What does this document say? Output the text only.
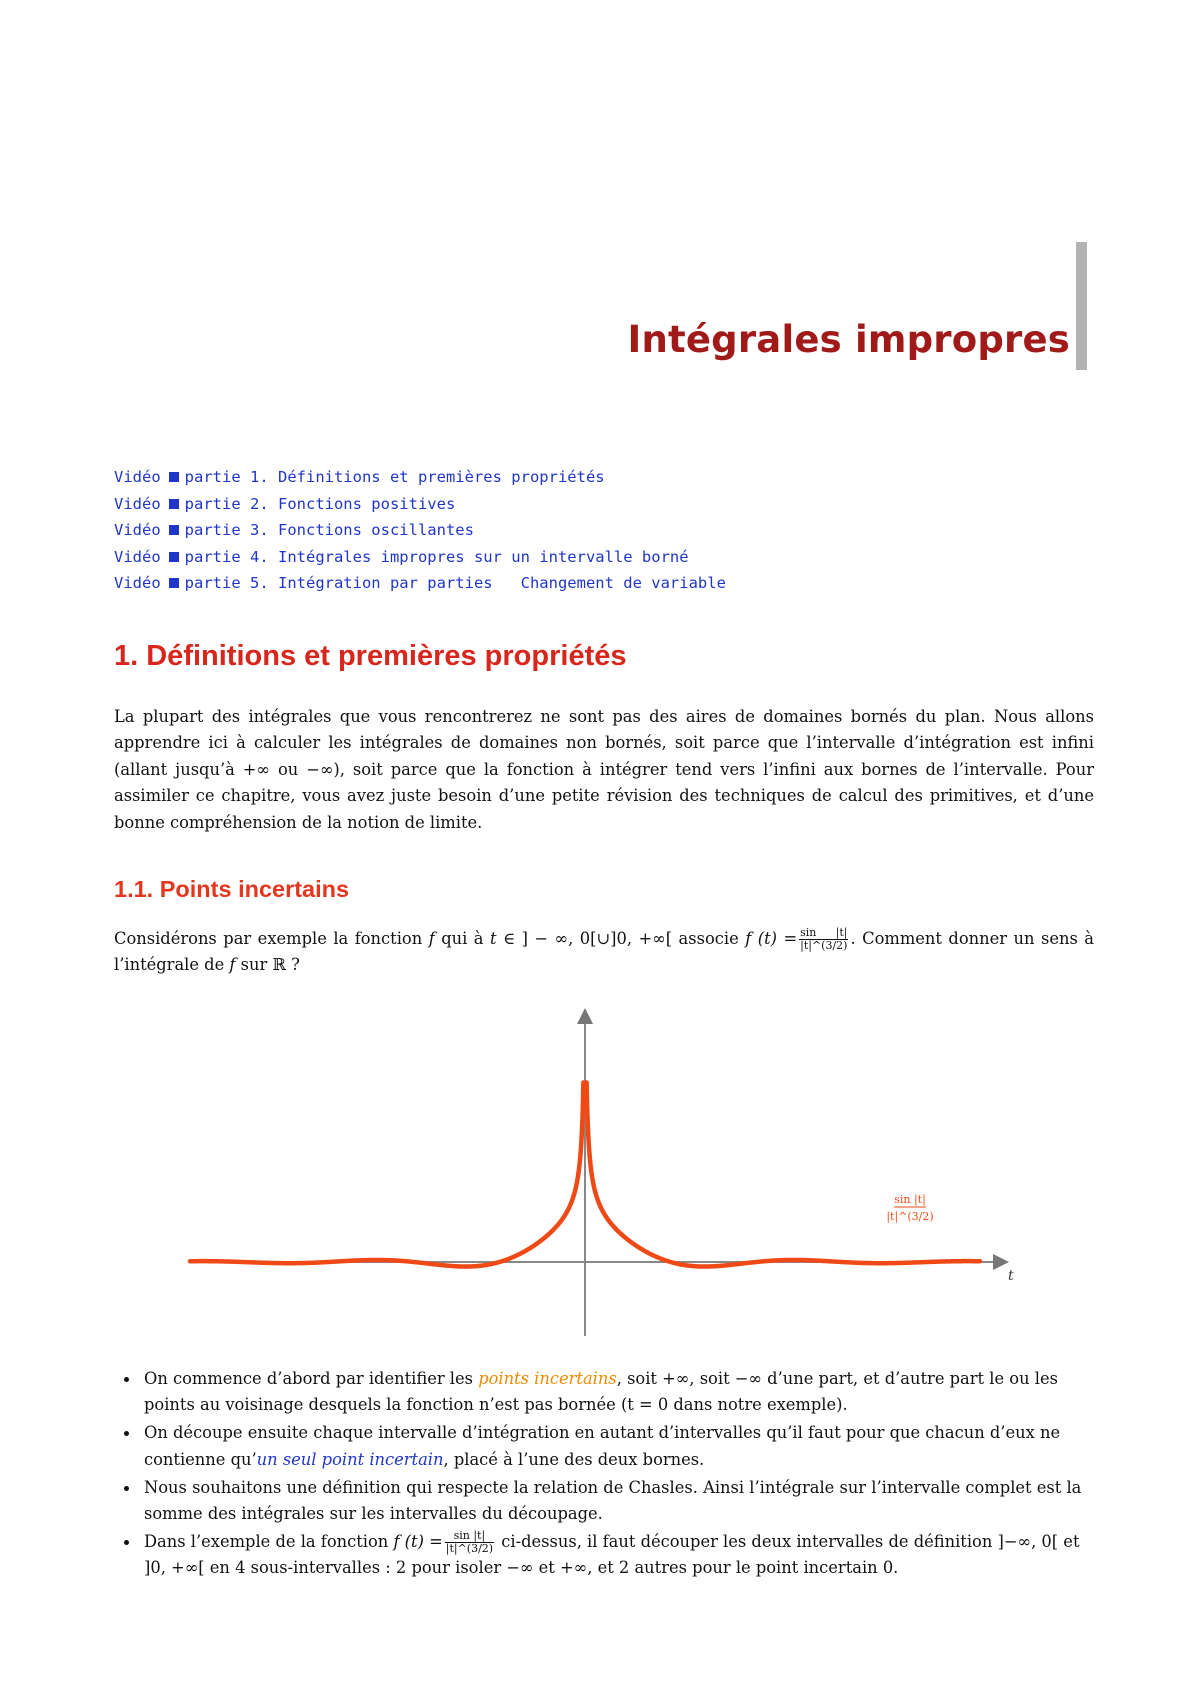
Intégrales impropres
Vidéo partie 1. Définitions et premières propriétés
Vidéo partie 2. Fonctions positives
Vidéo partie 3. Fonctions oscillantes
Vidéo partie 4. Intégrales impropres sur un intervalle borné
Vidéo partie 5. Intégration par parties   Changement de variable
1. Définitions et premières propriétés

La plupart des intégrales que vous rencontrerez ne sont pas des aires de domaines bornés du plan. Nous allons
apprendre ici à calculer les intégrales de domaines non bornés, soit parce que l’intervalle d’intégration est infini
(allant jusqu’à +∞ ou −∞), soit parce que la fonction à intégrer tend vers l’infini aux bornes de l’intervalle. Pour
assimiler ce chapitre, vous avez juste besoin d’une petite révision des techniques de calcul des primitives, et d’une
bonne compréhension de la notion de limite.

1.1. Points incertains

Considérons par exemple la fonction f qui à t ∈ ] − ∞, 0[∪]0, +∞[ associe f $(t) = \frac{\sin |t|}{|t|\^{}(3/2)}$ . Comment donner un sens à
l’intégrale de f sur ℝ ?

t
sin |t|
|t|^(3/2)
On commence d’abord par identifier les points incertains, soit +∞, soit −∞ d’une part, et d’autre part le ou les points au voisinage desquels la fonction n’est pas bornée (t = 0 dans notre exemple).
On découpe ensuite chaque intervalle d’intégration en autant d’intervalles qu’il faut pour que chacun d’eux ne contienne qu’un seul point incertain, placé à l’une des deux bornes.
Nous souhaitons une définition qui respecte la relation de Chasles. Ainsi l’intégrale sur l’intervalle complet est la somme des intégrales sur les intervalles du découpage.
Dans l’exemple de la fonction f $(t) = \frac{\sin |t|}{|t|\^{}(3/2)}$ ci-dessus, il faut découper les deux intervalles de définition ]−∞, 0[ et ]0, +∞[ en 4 sous-intervalles : 2 pour isoler −∞ et +∞, et 2 autres pour le point incertain 0.
